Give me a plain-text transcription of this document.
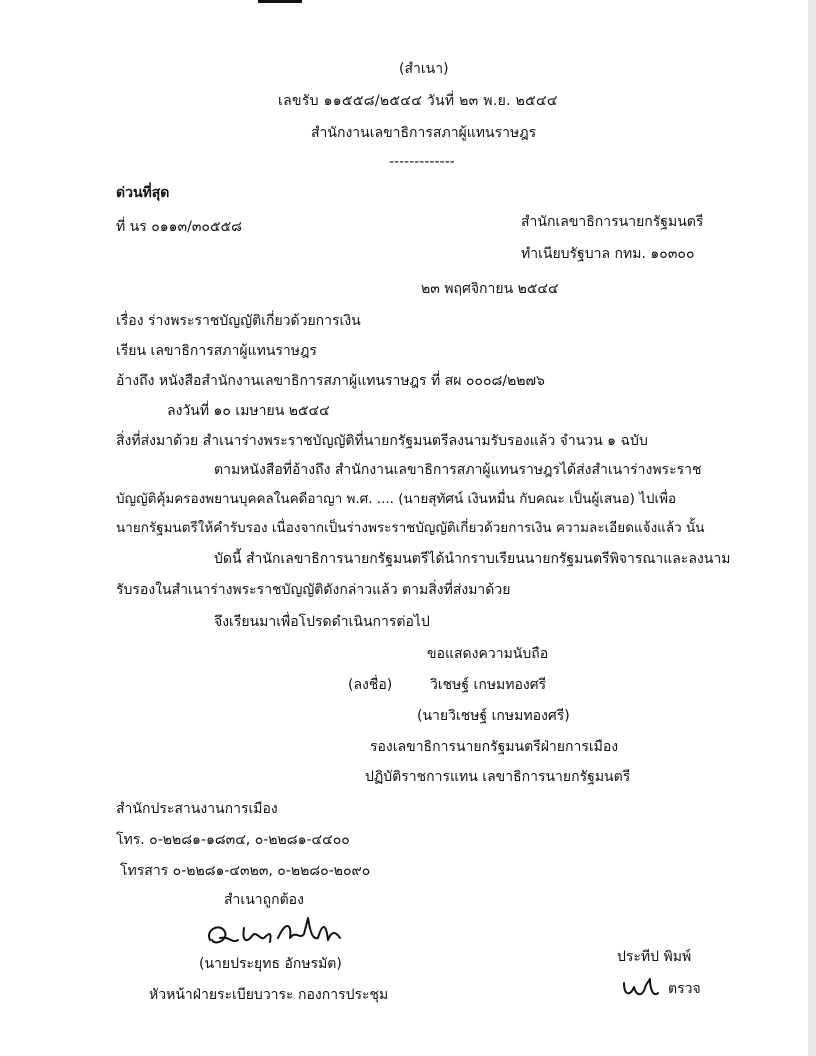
(สำเนา)
เลขรับ ๑๑๕๕๘/๒๕๔๔ วันที่ ๒๓ พ.ย. ๒๕๔๔
สำนักงานเลขาธิการสภาผู้แทนราษฎร
-------------
ด่วนที่สุด
ที่ นร ๐๑๑๓/๓๐๕๕๘	สำนักเลขาธิการนายกรัฐมนตรี
ทำเนียบรัฐบาล กทม. ๑๐๓๐๐
๒๓ พฤศจิกายน ๒๕๔๔
เรื่อง ร่างพระราชบัญญัติเกี่ยวด้วยการเงิน
เรียน เลขาธิการสภาผู้แทนราษฎร
อ้างถึง หนังสือสำนักงานเลขาธิการสภาผู้แทนราษฎร ที่ สผ ๐๐๐๘/๒๒๗๖
ลงวันที่ ๑๐ เมษายน ๒๕๔๔
สิ่งที่ส่งมาด้วย สำเนาร่างพระราชบัญญัติที่นายกรัฐมนตรีลงนามรับรองแล้ว จำนวน ๑ ฉบับ
ตามหนังสือที่อ้างถึง สำนักงานเลขาธิการสภาผู้แทนราษฎรได้ส่งสำเนาร่างพระราช
บัญญัติคุ้มครองพยานบุคคลในคดีอาญา พ.ศ. .... (นายสุทัศน์ เงินหมื่น กับคณะ เป็นผู้เสนอ) ไปเพื่อ
นายกรัฐมนตรีให้คำรับรอง เนื่องจากเป็นร่างพระราชบัญญัติเกี่ยวด้วยการเงิน ความละเอียดแจ้งแล้ว นั้น
บัดนี้ สำนักเลขาธิการนายกรัฐมนตรีได้นำกราบเรียนนายกรัฐมนตรีพิจารณาและลงนาม
รับรองในสำเนาร่างพระราชบัญญัติดังกล่าวแล้ว ตามสิ่งที่ส่งมาด้วย
จึงเรียนมาเพื่อโปรดดำเนินการต่อไป
ขอแสดงความนับถือ
(ลงชื่อ)	วิเชษฐ์ เกษมทองศรี
(นายวิเชษฐ์ เกษมทองศรี)
รองเลขาธิการนายกรัฐมนตรีฝ่ายการเมือง
ปฏิบัติราชการแทน เลขาธิการนายกรัฐมนตรี
สำนักประสานงานการเมือง
โทร. ๐-๒๒๘๑-๑๘๓๔, ๐-๒๒๘๑-๔๔๐๐
โทรสาร ๐-๒๒๘๑-๔๓๒๓, ๐-๒๒๘๐-๒๐๙๐
สำเนาถูกต้อง
(นายประยุทธ อักษรมัต)
หัวหน้าฝ่ายระเบียบวาระ กองการประชุม
ประทีป พิมพ์
ตรวจ
